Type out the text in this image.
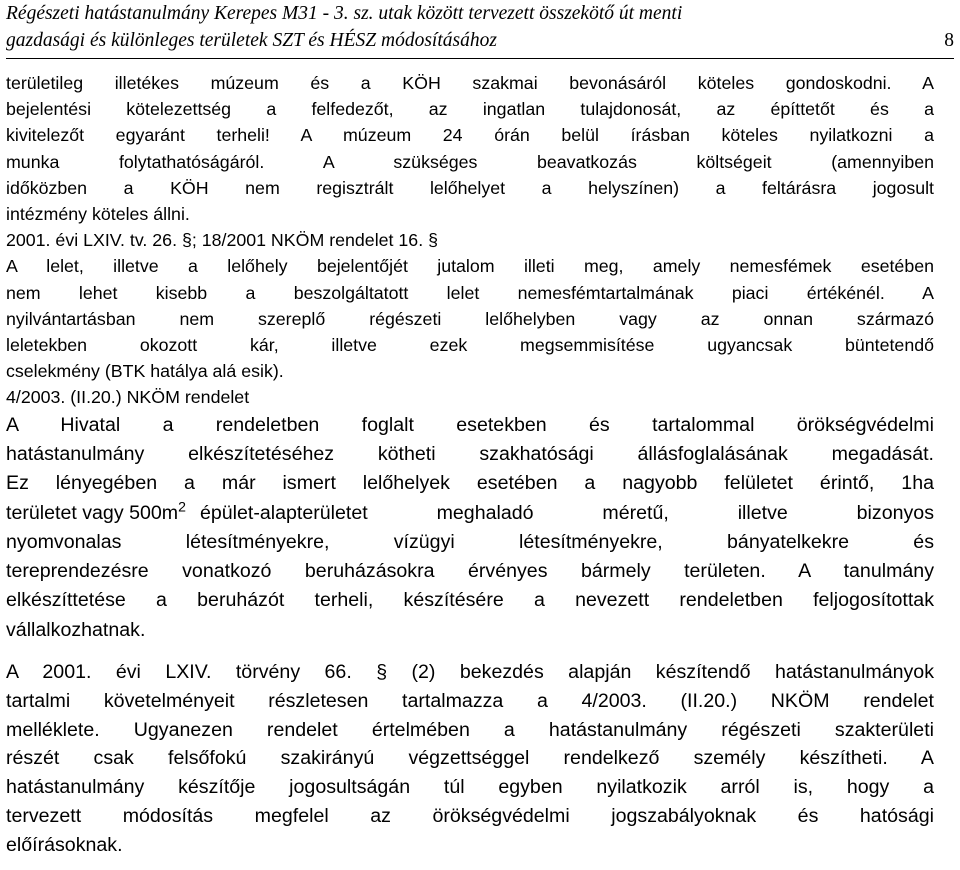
Régészeti hatástanulmány Kerepes M31 - 3. sz. utak között tervezett összekötő út menti
gazdasági és különleges területek SZT és HÉSZ módosításához	8
területileg illetékes múzeum és a KÖH szakmai bevonásáról köteles gondoskodni. A
bejelentési kötelezettség a felfedezőt, az ingatlan tulajdonosát, az építtetőt és a
kivitelezőt egyaránt terheli! A múzeum 24 órán belül írásban köteles nyilatkozni a
munka folytathatóságáról. A szükséges beavatkozás költségeit (amennyiben
időközben a KÖH nem regisztrált lelőhelyet a helyszínen) a feltárásra jogosult
intézmény köteles állni.
2001. évi LXIV. tv. 26. §; 18/2001 NKÖM rendelet 16. §
A lelet, illetve a lelőhely bejelentőjét jutalom illeti meg, amely nemesfémek esetében
nem lehet kisebb a beszolgáltatott lelet nemesfémtartalmának piaci értékénél. A
nyilvántartásban nem szereplő régészeti lelőhelyben vagy az onnan származó
leletekben okozott kár, illetve ezek megsemmisítése ugyancsak büntetendő
cselekmény (BTK hatálya alá esik).
4/2003. (II.20.) NKÖM rendelet
A Hivatal a rendeletben foglalt esetekben és tartalommal örökségvédelmi
hatástanulmány elkészítetéséhez kötheti szakhatósági állásfoglalásának megadását.
Ez lényegében a már ismert lelőhelyek esetében a nagyobb felületet érintő, 1ha
területet vagy $500m^2$ épület-alapterületet meghaladó méretű, illetve bizonyos
nyomvonalas létesítményekre, vízügyi létesítményekre, bányatelkekre és
tereprendezésre vonatkozó beruházásokra érvényes bármely területen. A tanulmány
elkészíttetése a beruházót terheli, készítésére a nevezett rendeletben feljogosítottak
vállalkozhatnak.
A 2001. évi LXIV. törvény 66. § (2) bekezdés alapján készítendő hatástanulmányok
tartalmi követelményeit részletesen tartalmazza a 4/2003. (II.20.) NKÖM rendelet
melléklete. Ugyanezen rendelet értelmében a hatástanulmány régészeti szakterületi
részét csak felsőfokú szakirányú végzettséggel rendelkező személy készítheti. A
hatástanulmány készítője jogosultságán túl egyben nyilatkozik arról is, hogy a
tervezett módosítás megfelel az örökségvédelmi jogszabályoknak és hatósági
előírásoknak.
